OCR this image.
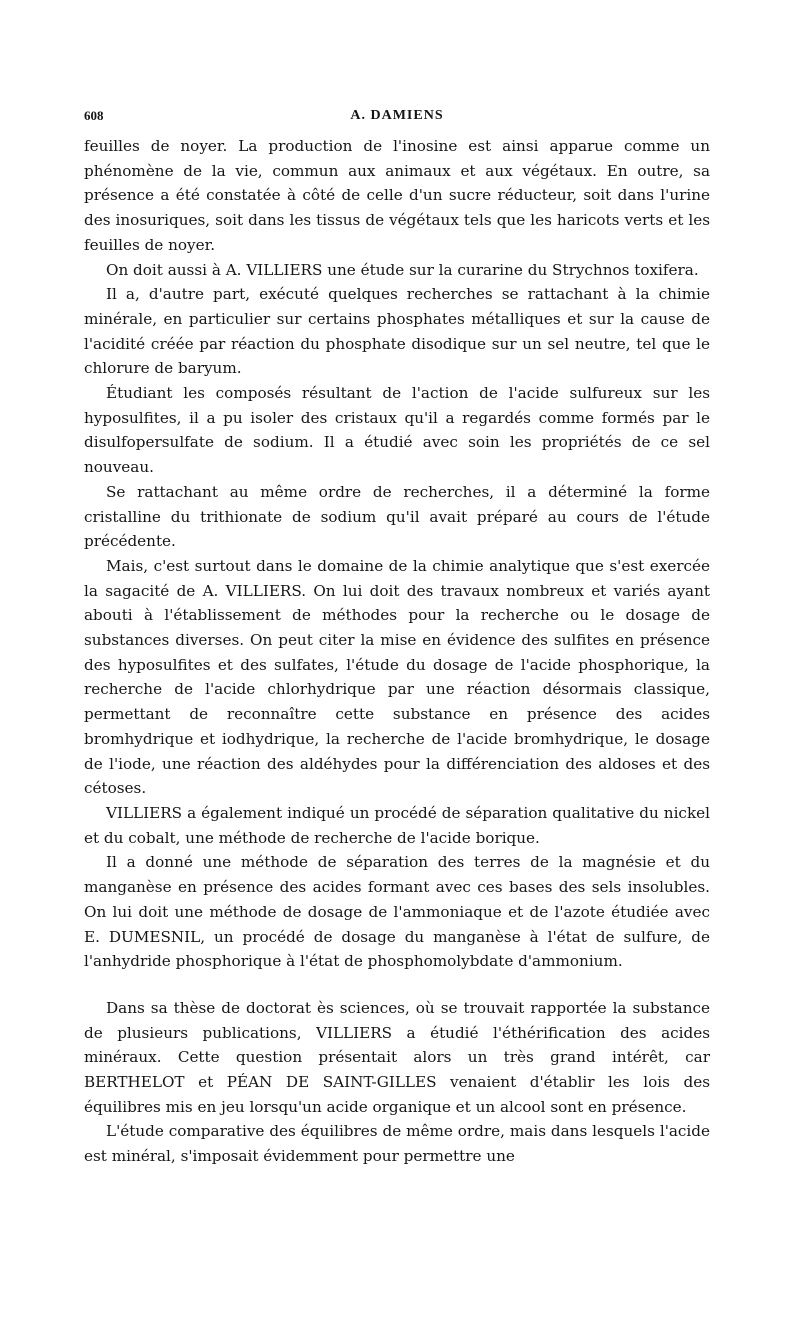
608	A. DAMIENS

feuilles de noyer. La production de l'inosine est ainsi apparue comme un phénomène de la vie, commun aux animaux et aux végétaux. En outre, sa présence a été constatée à côté de celle d'un sucre réducteur, soit dans l'urine des inosuriques, soit dans les tissus de végétaux tels que les haricots verts et les feuilles de noyer.

On doit aussi à A. VILLIERS une étude sur la curarine du Strychnos toxifera.

Il a, d'autre part, exécuté quelques recherches se rattachant à la chimie minérale, en particulier sur certains phosphates métalliques et sur la cause de l'acidité créée par réaction du phosphate disodique sur un sel neutre, tel que le chlorure de baryum.

Étudiant les composés résultant de l'action de l'acide sulfureux sur les hyposulfites, il a pu isoler des cristaux qu'il a regardés comme formés par le disulfopersulfate de sodium. Il a étudié avec soin les propriétés de ce sel nouveau.

Se rattachant au même ordre de recherches, il a déterminé la forme cristalline du trithionate de sodium qu'il avait préparé au cours de l'étude précédente.

Mais, c'est surtout dans le domaine de la chimie analytique que s'est exercée la sagacité de A. VILLIERS. On lui doit des travaux nombreux et variés ayant abouti à l'établissement de méthodes pour la recherche ou le dosage de substances diverses. On peut citer la mise en évidence des sulfites en présence des hyposulfites et des sulfates, l'étude du dosage de l'acide phosphorique, la recherche de l'acide chlorhydrique par une réaction désormais classique, permettant de reconnaître cette substance en présence des acides bromhydrique et iodhydrique, la recherche de l'acide bromhydrique, le dosage de l'iode, une réaction des aldéhydes pour la différenciation des aldoses et des cétoses.

VILLIERS a également indiqué un procédé de séparation qualitative du nickel et du cobalt, une méthode de recherche de l'acide borique.

Il a donné une méthode de séparation des terres de la magnésie et du manganèse en présence des acides formant avec ces bases des sels insolubles. On lui doit une méthode de dosage de l'ammoniaque et de l'azote étudiée avec E. DUMESNIL, un procédé de dosage du manganèse à l'état de sulfure, de l'anhydride phosphorique à l'état de phosphomolybdate d'ammonium.

Dans sa thèse de doctorat ès sciences, où se trouvait rapportée la substance de plusieurs publications, VILLIERS a étudié l'éthérification des acides minéraux. Cette question présentait alors un très grand intérêt, car BERTHELOT et PÉAN DE SAINT-GILLES venaient d'établir les lois des équilibres mis en jeu lorsqu'un acide organique et un alcool sont en présence.

L'étude comparative des équilibres de même ordre, mais dans lesquels l'acide est minéral, s'imposait évidemment pour permettre une
